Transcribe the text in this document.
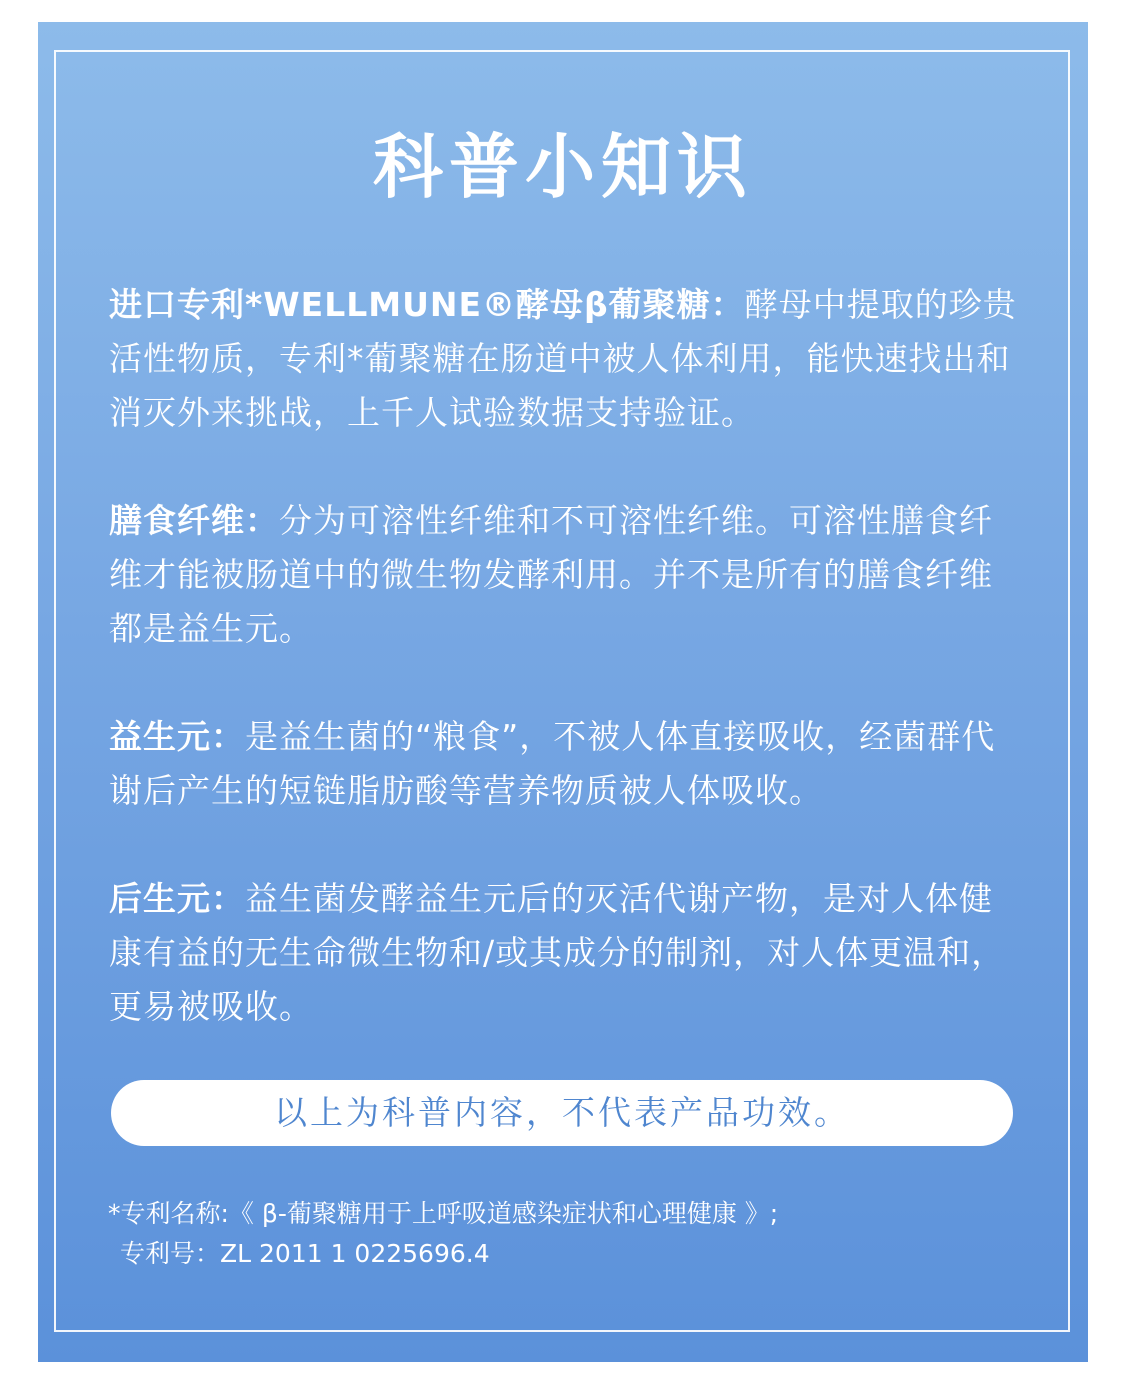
科普小知识
进口专利*WELLMUNE®酵母β葡聚糖：酵母中提取的珍贵活性物质，专利*葡聚糖在肠道中被人体利用，能快速找出和消灭外来挑战，上千人试验数据支持验证。
膳食纤维：分为可溶性纤维和不可溶性纤维。可溶性膳食纤维才能被肠道中的微生物发酵利用。并不是所有的膳食纤维都是益生元。
益生元：是益生菌的“粮食”，不被人体直接吸收，经菌群代谢后产生的短链脂肪酸等营养物质被人体吸收。
后生元：益生菌发酵益生元后的灭活代谢产物，是对人体健康有益的无生命微生物和/或其成分的制剂，对人体更温和，更易被吸收。
以上为科普内容，不代表产品功效。
*专利名称:《 β-葡聚糖用于上呼吸道感染症状和心理健康 》;
专利号：ZL 2011 1 0225696.4
